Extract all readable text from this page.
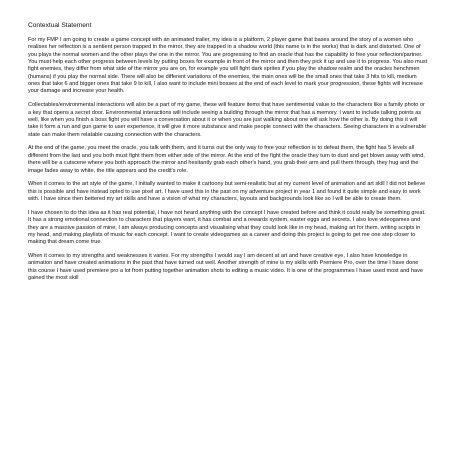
Contextual Statement

For my FMP I am going to create a game concept with an animated trailer, my idea is a platform, 2 player game that bases around the story of a women who realises her relfection is a sentient person trapped in the mirror, they are trapped in a shadow world (this name is in the works) that is dark and distorted. One of you plays the normal women and the other plays the one in the mirror. You are progressing to find an oracle that has the capability to free your reflection/partner. You must help each other progress between levels by putting boxes for example in front of the mirror and then they pick it up and use it to progress. You also must fight enemies, they differ from what side of the mirror you are on, for example you will fight dark sprites if you play the shadow realm and the oracles henchmen (humans) if you play the normal side. There will also be different variations of the enemies, the main ones will be the small ones that take 3 hits to kill, medium ones that take 6 and bigger ones that take 9 to kill, I also want to include mini bosses at the end of each level to mark your progression, these fights will increase your damage and increase your health.

Collectables/environmental interactions will also be a part of my game, these will feature items that have sentimental value to the characters like a family photo or a key that opens a secret door. Environmental interactions will include seeing a building through the mirror that has a memory. I want to include talking points as well, like when you finish a boss fight you will have a conversation about it or when you are just walking about one will ask how the other is. By doing this it will take it form a run and gun game to user experience, it will give it more substance and make people connect with the characters. Seeing characters in a vulnerable state can make them relatable causing connection with the characters.

At the end of the game, you meet the oracle, you talk with them, and it turns out the only way to free your reflection is to defeat them, the fight has 5 levels all different from the last and you both must fight them from either side of the mirror. At the end of the fight the oracle they turn to dust and get blown away with wind, there will be a cutscene where you both approach the mirror and hesitantly grab each other's hand, you grab their arm and pull them through, they hug and the image fades away to white, the title appears and the credit's role.

When it comes to the art style of the game, I initially wanted to make it cartoony but semi-realistic but at my current level of animation and art skill I did not believe this is possible and have instead opted to use pixel art. I have used this in the past on my adventure project in year 1 and found it quite simple and easy to work with. I have since then bettered my art skills and have a vision of what my characters, layouts and backgrounds look like so I will be able to create them.

I have chosen to do this idea as it has real potential, I have not heard anything with the concept I have created before and think it could really be something great. It has a strong emotional connection to characters that players want, it has combat and a rewards system, easter eggs and secrets. I also love videogames and they are a massive passion of mine; I am always producing concepts and visualising what they could look like in my head, making art for them, writing scripts in my head, and making playlists of music for each concept. I want to create videogames as a career and doing this project is going to get me one step closer to making that dream come true.

When it comes to my strengths and weaknesses it varies. For my strengths I would say I am decent at art and have creative eye, I also have knowledge in animation and have created animations in the past that have turned out well. Another strength of mine is my skills with Premiere Pro, over the time I have done this course I have used premiere pro a lot from putting together animation shots to editing a music video. It is one of the programmes I have used most and have gained the most skill
